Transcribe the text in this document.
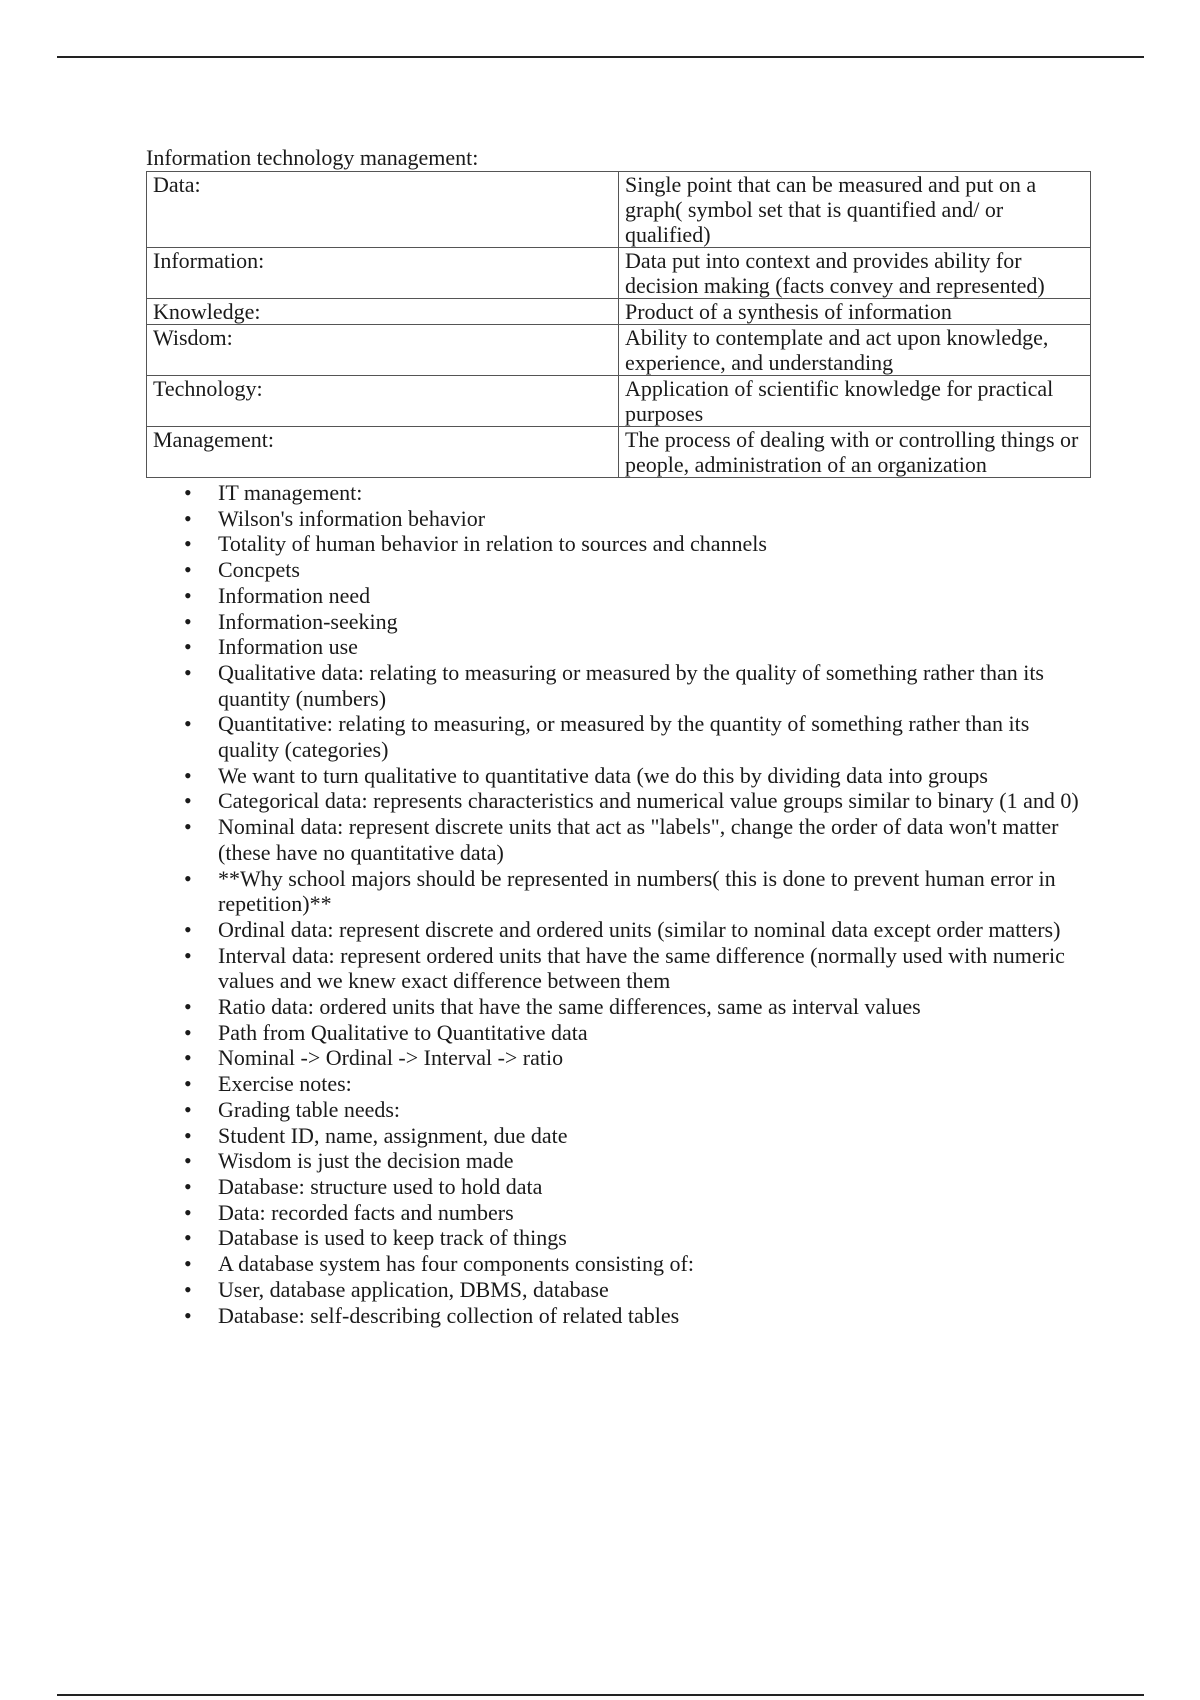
Information technology management:

Data:	Single point that can be measured and put on a graph( symbol set that is quantified and/ or qualified)
Information:	Data put into context and provides ability for decision making (facts convey and represented)
Knowledge:	Product of a synthesis of information
Wisdom:	Ability to contemplate and act upon knowledge, experience, and understanding
Technology:	Application of scientific knowledge for practical purposes
Management:	The process of dealing with or controlling things or people, administration of an organization
• IT management:
• Wilson's information behavior
• Totality of human behavior in relation to sources and channels
• Concpets
• Information need
• Information-seeking
• Information use
• Qualitative data: relating to measuring or measured by the quality of something rather than its quantity (numbers)
• Quantitative: relating to measuring, or measured by the quantity of something rather than its quality (categories)
• We want to turn qualitative to quantitative data (we do this by dividing data into groups
• Categorical data: represents characteristics and numerical value groups similar to binary (1 and 0)
• Nominal data: represent discrete units that act as "labels", change the order of data won't matter (these have no quantitative data)
• **Why school majors should be represented in numbers( this is done to prevent human error in repetition)**
• Ordinal data: represent discrete and ordered units (similar to nominal data except order matters)
• Interval data: represent ordered units that have the same difference (normally used with numeric values and we knew exact difference between them
• Ratio data: ordered units that have the same differences, same as interval values
• Path from Qualitative to Quantitative data
• Nominal -> Ordinal -> Interval -> ratio
• Exercise notes:
• Grading table needs:
• Student ID, name, assignment, due date
• Wisdom is just the decision made
• Database: structure used to hold data
• Data: recorded facts and numbers
• Database is used to keep track of things
• A database system has four components consisting of:
• User, database application, DBMS, database
• Database: self-describing collection of related tables
